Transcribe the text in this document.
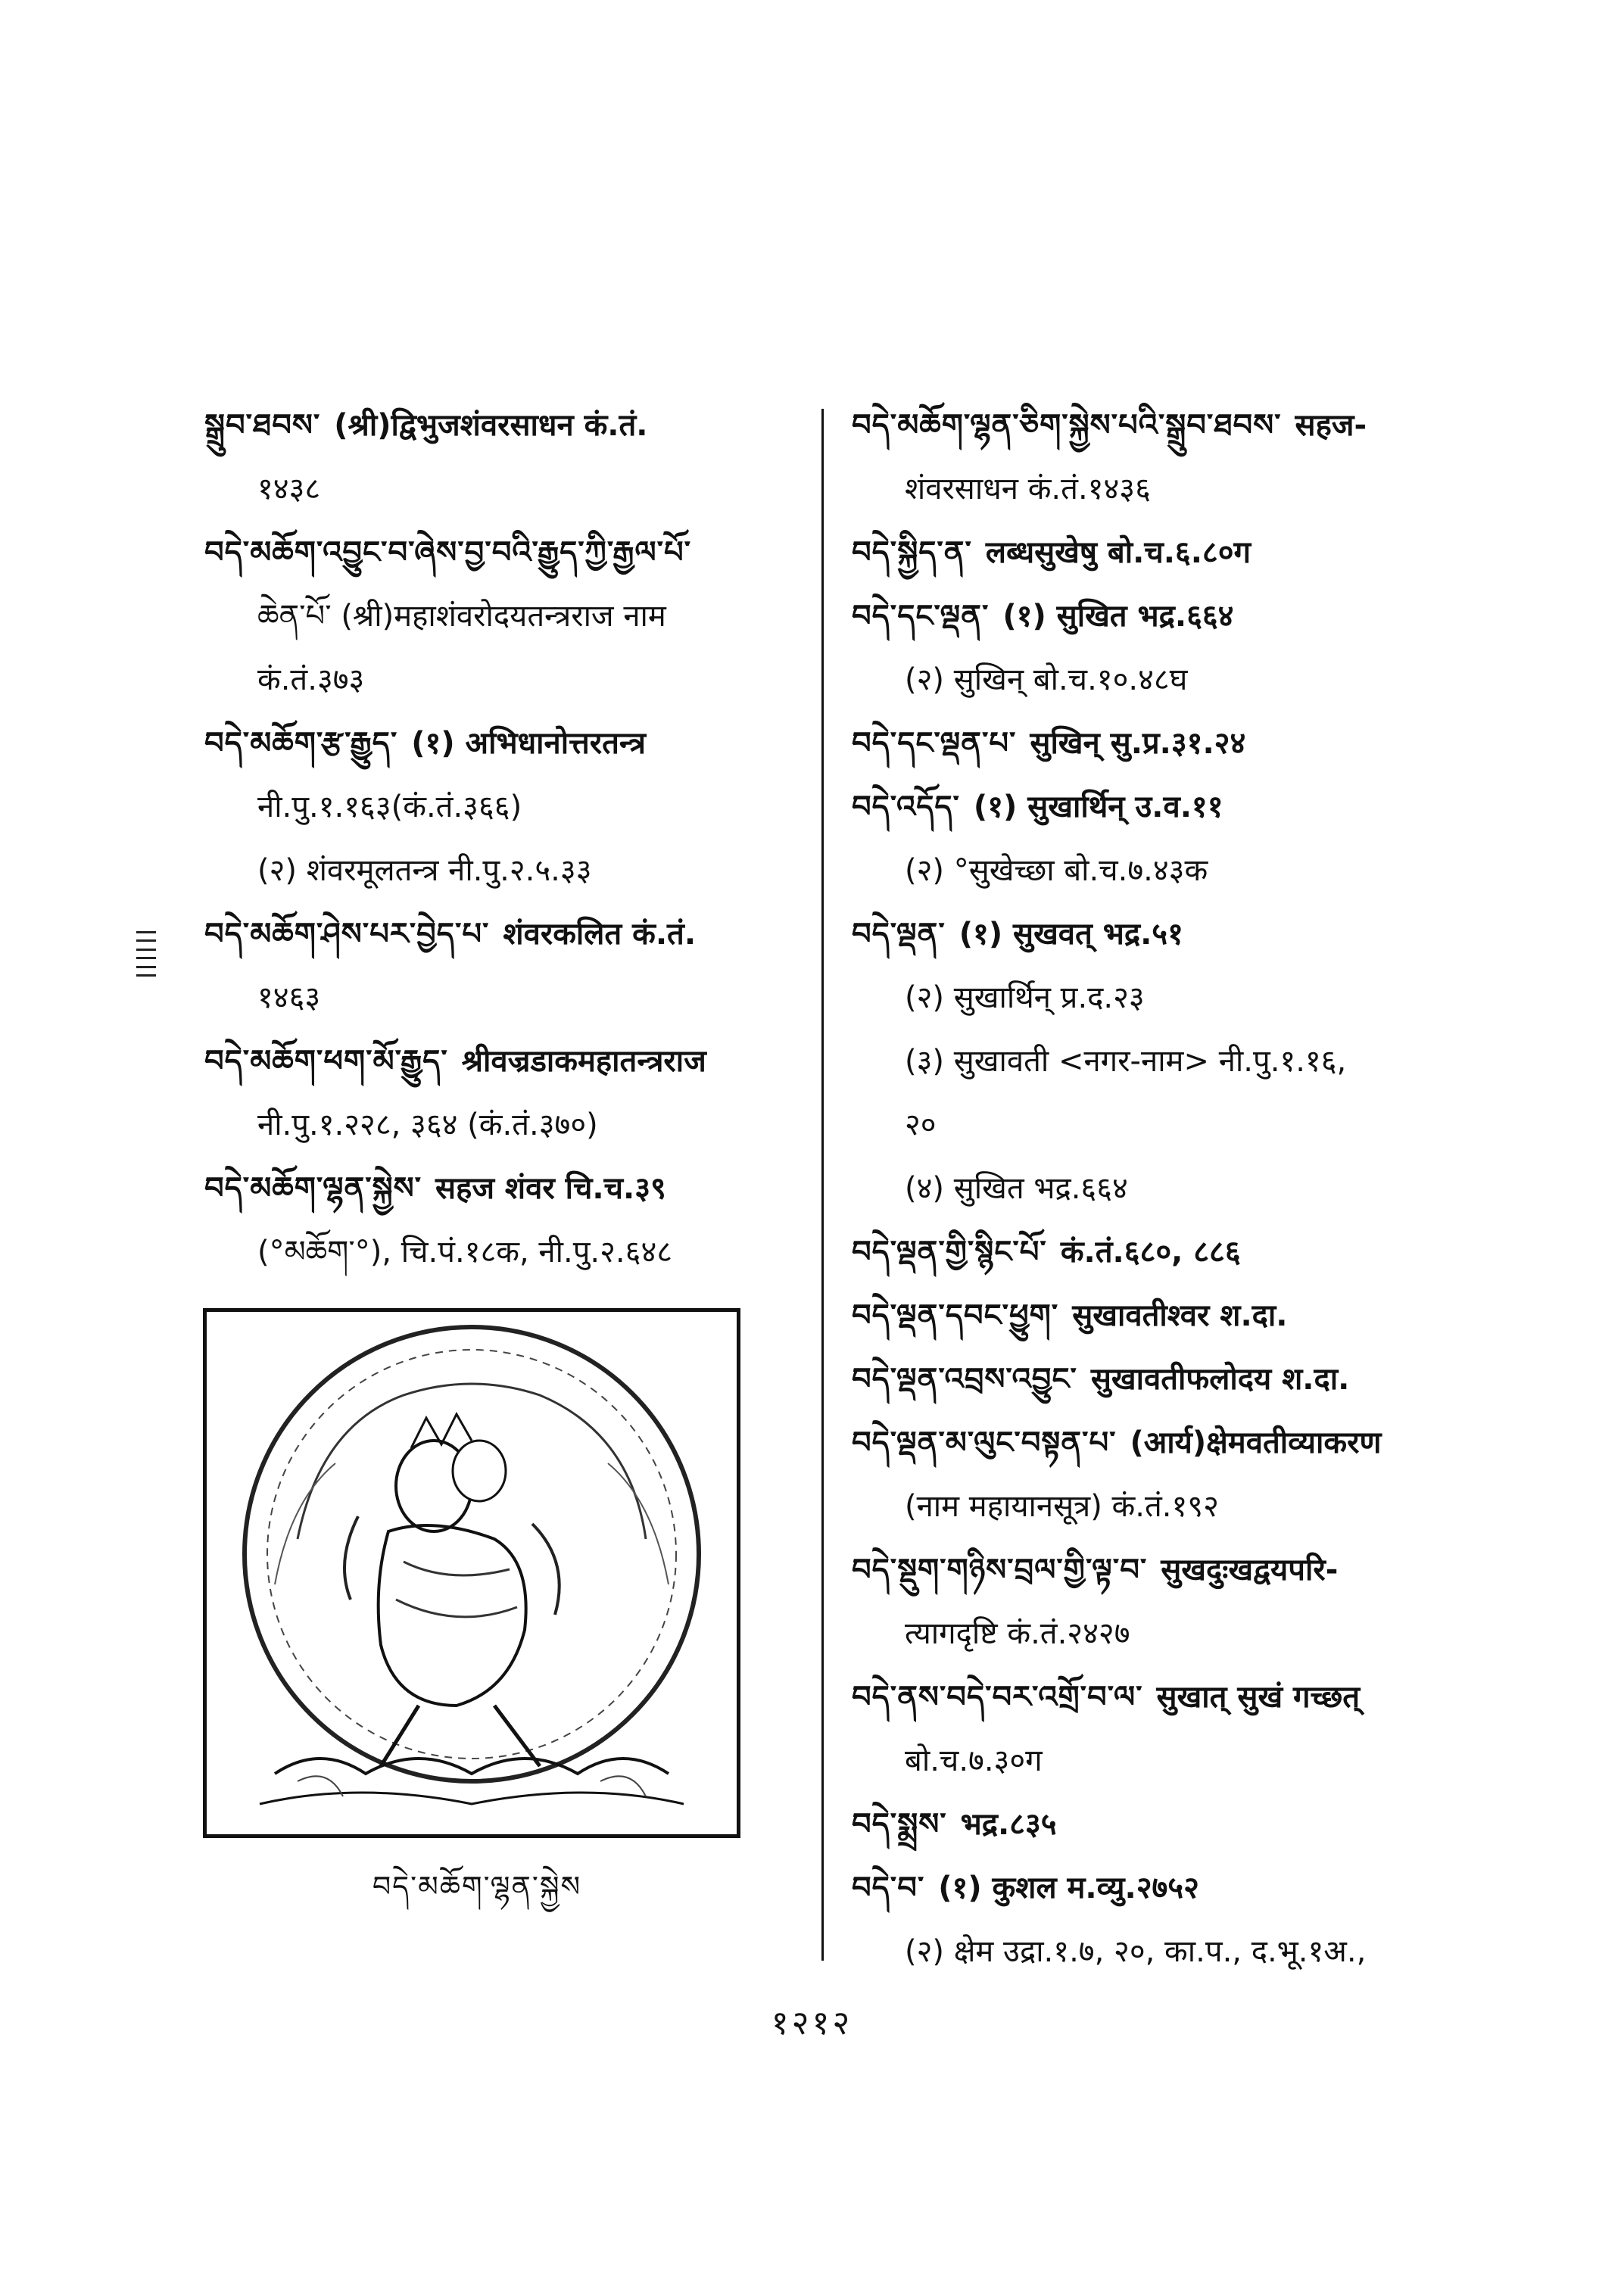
སྒྲུབ་ཐབས་ (श्री)द्विभुजशंवरसाधन कं.तं.
१४३८
བདེ་མཆོག་འབྱུང་བ་ཞེས་བྱ་བའི་རྒྱུད་ཀྱི་རྒྱལ་པོ་
ཆེན་པོ་ (श्री)महाशंवरोदयतन्त्रराज नाम
कं.तं.३७३
བདེ་མཆོག་རྩ་རྒྱུད་ (१) अभिधानोत्तरतन्त्र
नी.पु.१.१६३(कं.तं.३६६)
(२) शंवरमूलतन्त्र नी.पु.२.५.३३
བདེ་མཆོག་ཤེས་པར་བྱེད་པ་ शंवरकलित कं.तं.
१४६३
བདེ་མཆོག་ཕག་མོ་རྒྱུད་ श्रीवज्रडाकमहातन्त्रराज
नी.पु.१.२२८, ३६४ (कं.तं.३७०)
བདེ་མཆོག་ལྷན་སྐྱེས་ सहज शंवर चि.च.३९
(°མཆོག་°), चि.पं.१८क, नी.पु.२.६४८
བདེ་མཆོག་ལྷན་ཅིག་སྐྱེས་པའི་སྒྲུབ་ཐབས་ सहज-
शंवरसाधन कं.तं.१४३६
བདེ་སྐྱིད་ན་ लब्धसुखेषु बो.च.६.८०ग
བདེ་དང་ལྡན་ (१) सुखित भद्र.६६४
(२) सुखिन् बो.च.१०.४८घ
བདེ་དང་ལྡན་པ་ सुखिन् सु.प्र.३१.२४
བདེ་འདོད་ (१) सुखार्थिन् उ.व.११
(२) °सुखेच्छा बो.च.७.४३क
བདེ་ལྡན་ (१) सुखवत् भद्र.५१
(२) सुखार्थिन् प्र.द.२३
(३) सुखावती <नगर-नाम> नी.पु.१.१६,
२०
(४) सुखित भद्र.६६४
བདེ་ལྡན་གྱི་སྙིང་པོ་ कं.तं.६८०, ८८६
བདེ་ལྡན་དབང་ཕྱུག་ सुखावतीश्वर श.दा.
བདེ་ལྡན་འབྲས་འབྱུང་ सुखावतीफलोदय श.दा.
བདེ་ལྡན་མ་ལུང་བསྟན་པ་ (आर्य)क्षेमवतीव्याकरण
(नाम महायानसूत्र) कं.तं.१९२
བདེ་སྡུག་གཉིས་བྲལ་གྱི་ལྟ་བ་ सुखदुःखद्वयपरि-
त्यागदृष्टि कं.तं.२४२७
བདེ་ནས་བདེ་བར་འགྲོ་བ་ལ་ सुखात् सुखं गच्छत्
बो.च.७.३०ग
བདེ་སྨྲས་ भद्र.८३५
བདེ་བ་ (१) कुशल म.व्यु.२७५२
(२) क्षेम उद्रा.१.७, २०, का.प., द.भू.१अ.,
བདེ་མཆོག་ལྷན་སྐྱེས
१२१२
